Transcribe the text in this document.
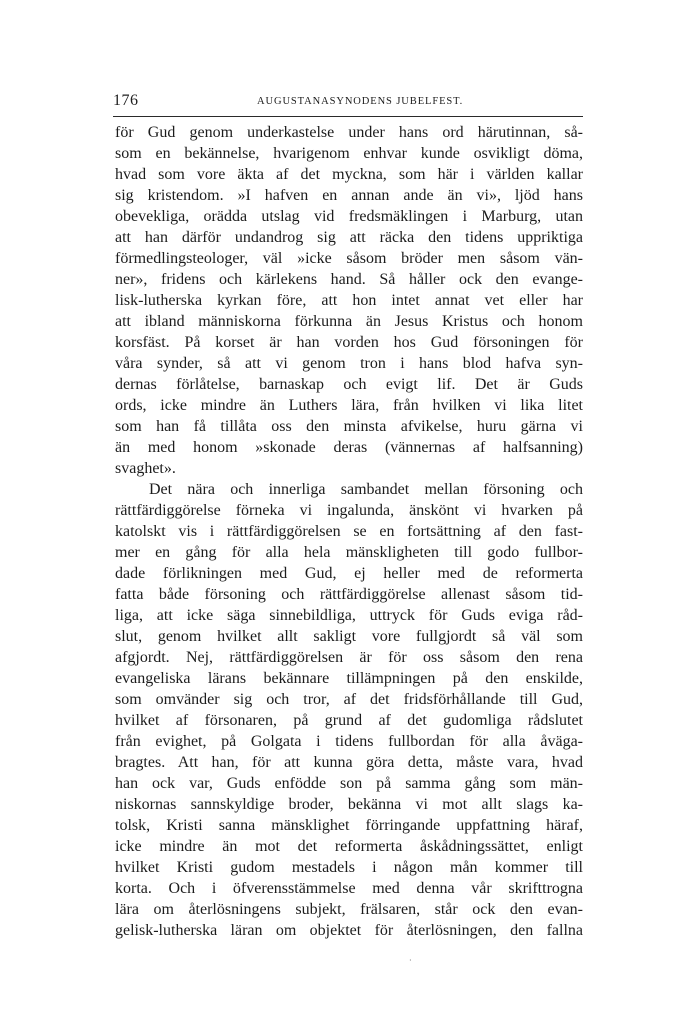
176	AUGUSTANASYNODENS JUBELFEST.
för Gud genom underkastelse under hans ord härutinnan, så-
som en bekännelse, hvarigenom enhvar kunde osvikligt döma,
hvad som vore äkta af det myckna, som här i världen kallar
sig kristendom. »I hafven en annan ande än vi», ljöd hans
obevekliga, orädda utslag vid fredsmäklingen i Marburg, utan
att han därför undandrog sig att räcka den tidens uppriktiga
förmedlingsteologer, väl »icke såsom bröder men såsom vän-
ner», fridens och kärlekens hand. Så håller ock den evange-
lisk-lutherska kyrkan före, att hon intet annat vet eller har
att ibland människorna förkunna än Jesus Kristus och honom
korsfäst. På korset är han vorden hos Gud försoningen för
våra synder, så att vi genom tron i hans blod hafva syn-
dernas förlåtelse, barnaskap och evigt lif. Det är Guds
ords, icke mindre än Luthers lära, från hvilken vi lika litet
som han få tillåta oss den minsta afvikelse, huru gärna vi
än med honom »skonade deras (vännernas af halfsanning)
svaghet».
Det nära och innerliga sambandet mellan försoning och
rättfärdiggörelse förneka vi ingalunda, änskönt vi hvarken på
katolskt vis i rättfärdiggörelsen se en fortsättning af den fast-
mer en gång för alla hela mänskligheten till godo fullbor-
dade förlikningen med Gud, ej heller med de reformerta
fatta både försoning och rättfärdiggörelse allenast såsom tid-
liga, att icke säga sinnebildliga, uttryck för Guds eviga råd-
slut, genom hvilket allt sakligt vore fullgjordt så väl som
afgjordt. Nej, rättfärdiggörelsen är för oss såsom den rena
evangeliska lärans bekännare tillämpningen på den enskilde,
som omvänder sig och tror, af det fridsförhållande till Gud,
hvilket af försonaren, på grund af det gudomliga rådslutet
från evighet, på Golgata i tidens fullbordan för alla åväga-
bragtes. Att han, för att kunna göra detta, måste vara, hvad
han ock var, Guds enfödde son på samma gång som män-
niskornas sannskyldige broder, bekänna vi mot allt slags ka-
tolsk, Kristi sanna mänsklighet förringande uppfattning häraf,
icke mindre än mot det reformerta åskådningssättet, enligt
hvilket Kristi gudom mestadels i någon mån kommer till
korta. Och i öfverensstämmelse med denna vår skrifttrogna
lära om återlösningens subjekt, frälsaren, står ock den evan-
gelisk-lutherska läran om objektet för återlösningen, den fallna
·
